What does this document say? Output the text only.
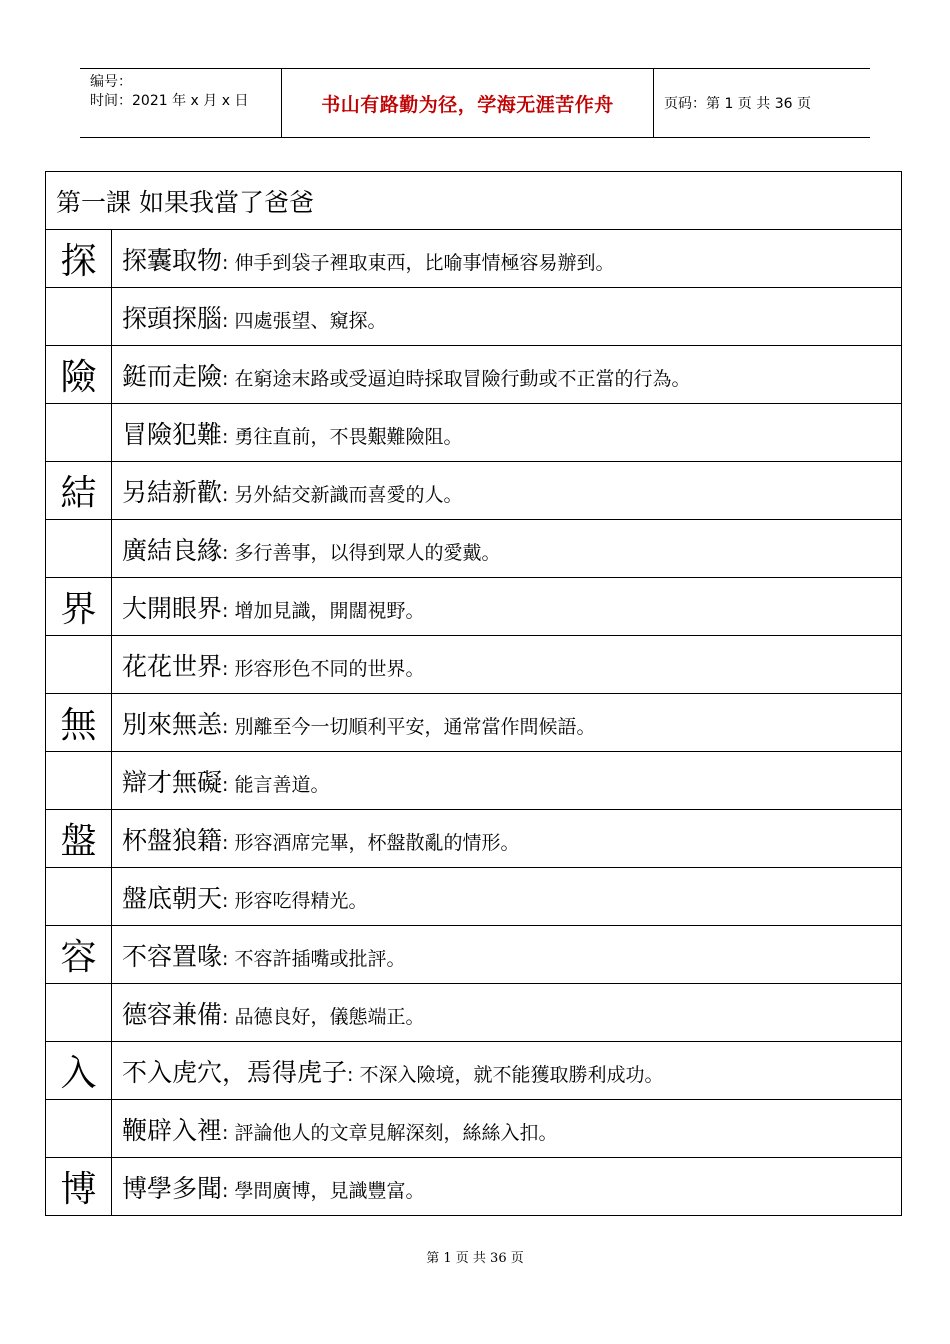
编号：
时间：2021 年 x 月 x 日	书山有路勤为径，学海无涯苦作舟	页码：第 1 页 共 36 页
第一課 如果我當了爸爸	
探	探囊取物: 伸手到袋子裡取東西，比喻事情極容易辦到。
	探頭探腦: 四處張望、窺探。
險	鋌而走險: 在窮途末路或受逼迫時採取冒險行動或不正當的行為。
	冒險犯難: 勇往直前，不畏艱難險阻。
結	另結新歡: 另外結交新識而喜愛的人。
	廣結良緣: 多行善事，以得到眾人的愛戴。
界	大開眼界: 增加見識，開闊視野。
	花花世界: 形容形色不同的世界。
無	別來無恙: 別離至今一切順利平安，通常當作問候語。
	辯才無礙: 能言善道。
盤	杯盤狼籍: 形容酒席完畢，杯盤散亂的情形。
	盤底朝天: 形容吃得精光。
容	不容置喙: 不容許插嘴或批評。
	德容兼備: 品德良好，儀態端正。
入	不入虎穴，焉得虎子: 不深入險境，就不能獲取勝利成功。
	鞭辟入裡: 評論他人的文章見解深刻，絲絲入扣。
博	博學多聞: 學問廣博，見識豐富。
第 1 页 共 36 页
